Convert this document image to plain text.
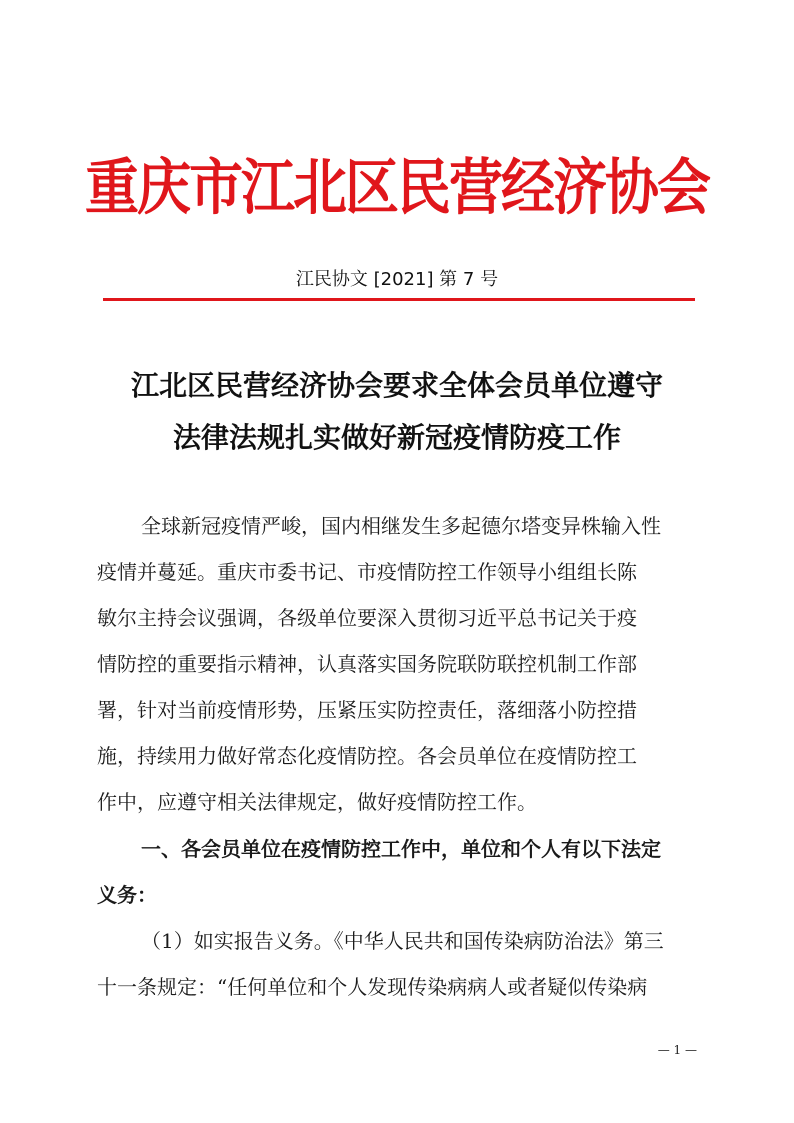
重庆市江北区民营经济协会
江民协文 [2021] 第 7 号
江北区民营经济协会要求全体会员单位遵守
法律法规扎实做好新冠疫情防疫工作
全球新冠疫情严峻，国内相继发生多起德尔塔变异株输入性
疫情并蔓延。重庆市委书记、市疫情防控工作领导小组组长陈
敏尔主持会议强调，各级单位要深入贯彻习近平总书记关于疫
情防控的重要指示精神，认真落实国务院联防联控机制工作部
署，针对当前疫情形势，压紧压实防控责任，落细落小防控措
施，持续用力做好常态化疫情防控。各会员单位在疫情防控工
作中，应遵守相关法律规定，做好疫情防控工作。
一、各会员单位在疫情防控工作中，单位和个人有以下法定
义务：
（1）如实报告义务。《中华人民共和国传染病防治法》第三
十一条规定：“任何单位和个人发现传染病病人或者疑似传染病
— 1 —
